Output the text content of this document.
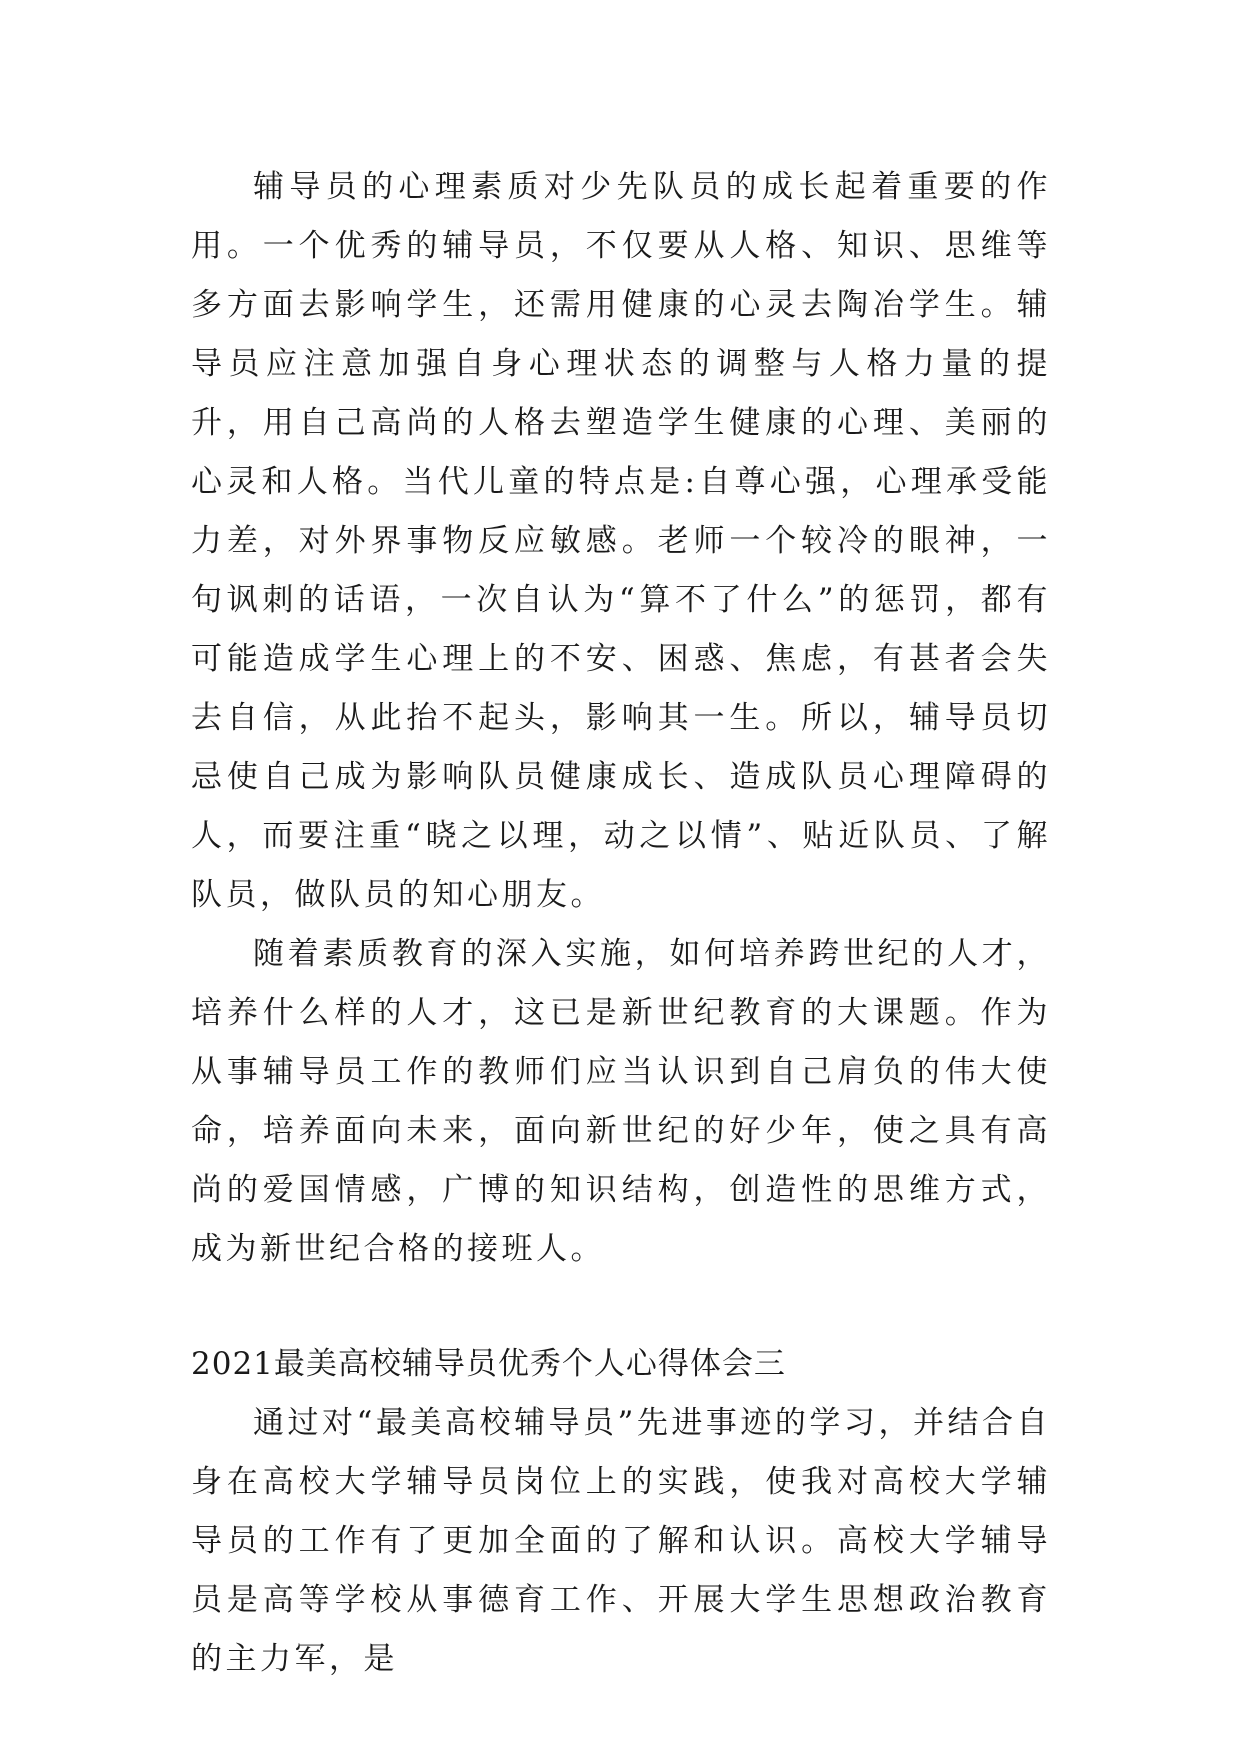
辅导员的心理素质对少先队员的成长起着重要的作用。一个优秀的辅导员，不仅要从人格、知识、思维等多方面去影响学生，还需用健康的心灵去陶冶学生。辅导员应注意加强自身心理状态的调整与人格力量的提升，用自己高尚的人格去塑造学生健康的心理、美丽的心灵和人格。当代儿童的特点是:自尊心强，心理承受能力差，对外界事物反应敏感。老师一个较冷的眼神，一句讽刺的话语，一次自认为“算不了什么”的惩罚，都有可能造成学生心理上的不安、困惑、焦虑，有甚者会失去自信，从此抬不起头，影响其一生。所以，辅导员切忌使自己成为影响队员健康成长、造成队员心理障碍的人，而要注重“晓之以理，动之以情”、贴近队员、了解队员，做队员的知心朋友。

随着素质教育的深入实施，如何培养跨世纪的人才，培养什么样的人才，这已是新世纪教育的大课题。作为从事辅导员工作的教师们应当认识到自己肩负的伟大使命，培养面向未来，面向新世纪的好少年，使之具有高尚的爱国情感，广博的知识结构，创造性的思维方式，成为新世纪合格的接班人。

2021最美高校辅导员优秀个人心得体会三

通过对“最美高校辅导员”先进事迹的学习，并结合自身在高校大学辅导员岗位上的实践，使我对高校大学辅导员的工作有了更加全面的了解和认识。高校大学辅导员是高等学校从事德育工作、开展大学生思想政治教育的主力军，是
